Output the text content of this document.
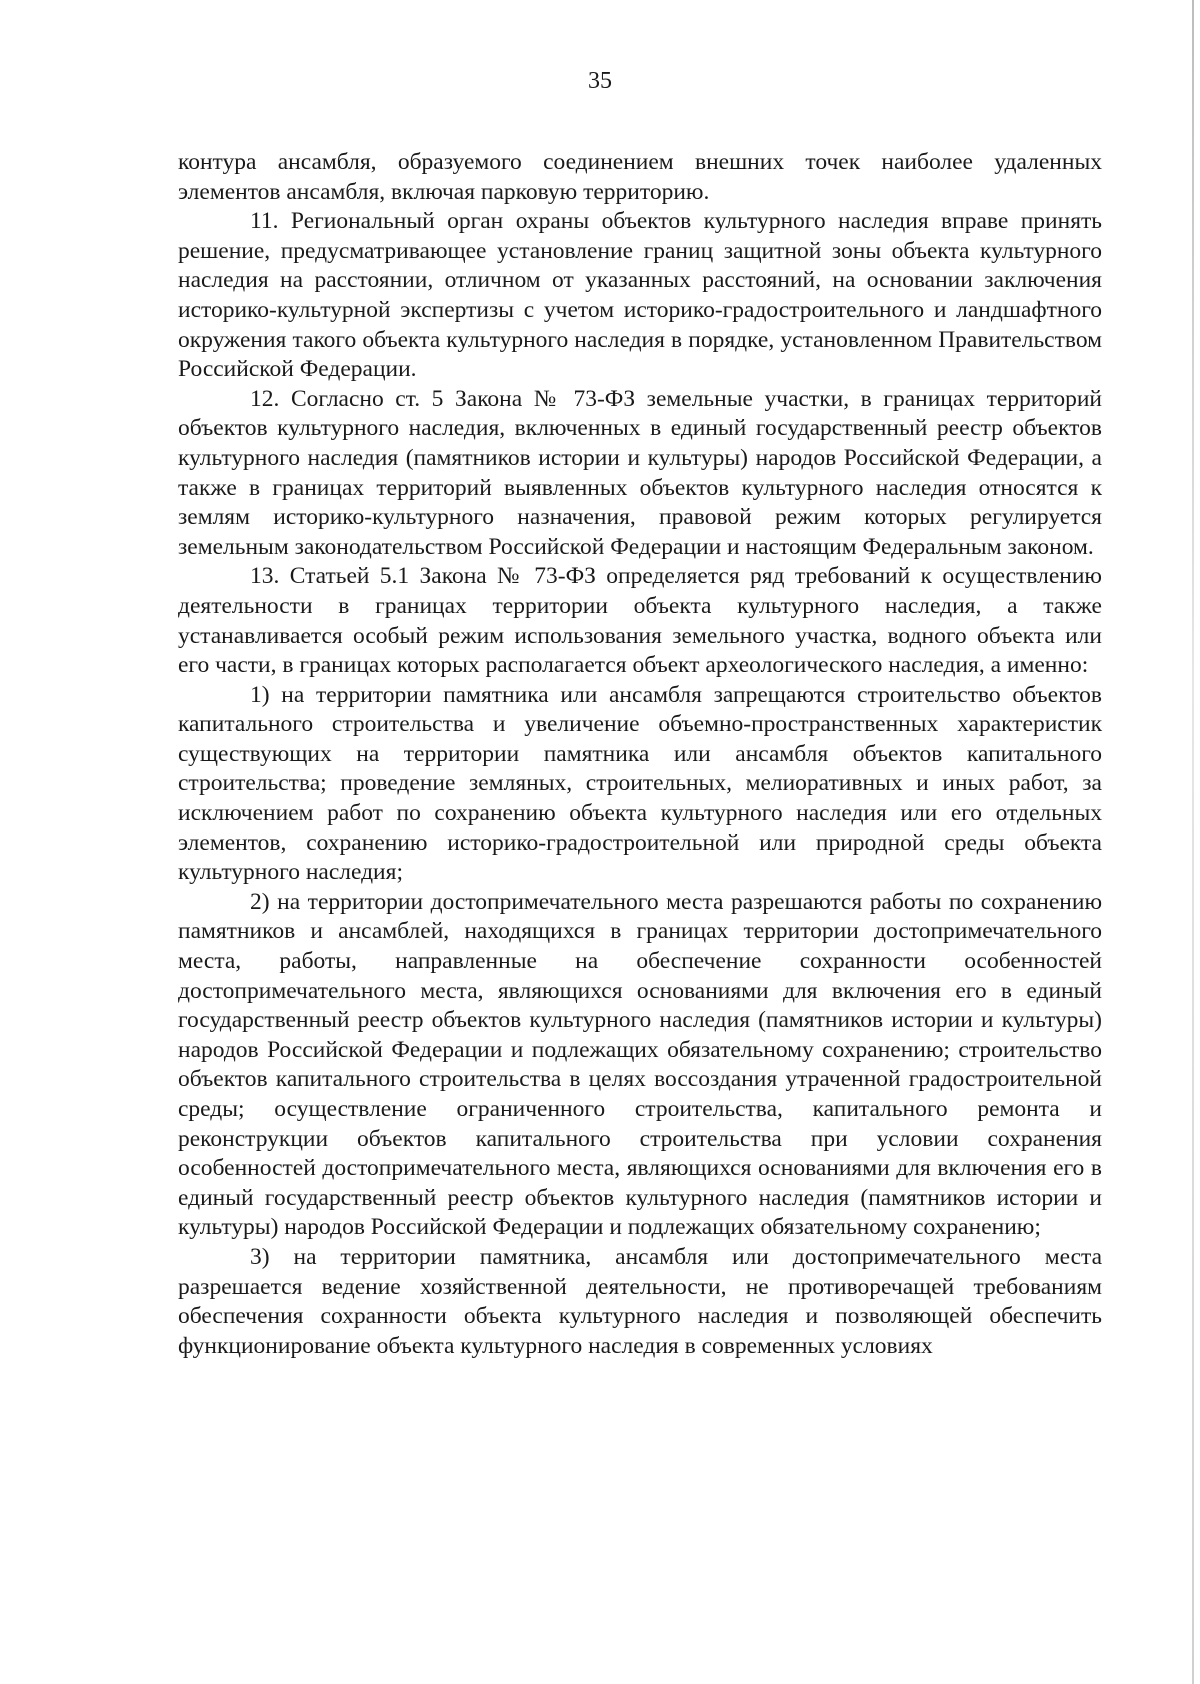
35

контура ансамбля, образуемого соединением внешних точек наиболее удаленных элементов ансамбля, включая парковую территорию.

11. Региональный орган охраны объектов культурного наследия вправе принять решение, предусматривающее установление границ защитной зоны объекта культурного наследия на расстоянии, отличном от указанных расстояний, на основании заключения историко-культурной экспертизы с учетом историко-градостроительного и ландшафтного окружения такого объекта культурного наследия в порядке, установленном Правительством Российской Федерации.

12. Согласно ст. 5 Закона № 73-ФЗ земельные участки, в границах территорий объектов культурного наследия, включенных в единый государственный реестр объектов культурного наследия (памятников истории и культуры) народов Российской Федерации, а также в границах территорий выявленных объектов культурного наследия относятся к землям историко-культурного назначения, правовой режим которых регулируется земельным законодательством Российской Федерации и настоящим Федеральным законом.

13. Статьей 5.1 Закона № 73-ФЗ определяется ряд требований к осуществлению деятельности в границах территории объекта культурного наследия, а также устанавливается особый режим использования земельного участка, водного объекта или его части, в границах которых располагается объект археологического наследия, а именно:

1) на территории памятника или ансамбля запрещаются строительство объектов капитального строительства и увеличение объемно-пространственных характеристик существующих на территории памятника или ансамбля объектов капитального строительства; проведение земляных, строительных, мелиоративных и иных работ, за исключением работ по сохранению объекта культурного наследия или его отдельных элементов, сохранению историко-градостроительной или природной среды объекта культурного наследия;

2) на территории достопримечательного места разрешаются работы по сохранению памятников и ансамблей, находящихся в границах территории достопримечательного места, работы, направленные на обеспечение сохранности особенностей достопримечательного места, являющихся основаниями для включения его в единый государственный реестр объектов культурного наследия (памятников истории и культуры) народов Российской Федерации и подлежащих обязательному сохранению; строительство объектов капитального строительства в целях воссоздания утраченной градостроительной среды; осуществление ограниченного строительства, капитального ремонта и реконструкции объектов капитального строительства при условии сохранения особенностей достопримечательного места, являющихся основаниями для включения его в единый государственный реестр объектов культурного наследия (памятников истории и культуры) народов Российской Федерации и подлежащих обязательному сохранению;

3) на территории памятника, ансамбля или достопримечательного места разрешается ведение хозяйственной деятельности, не противоречащей требованиям обеспечения сохранности объекта культурного наследия и позволяющей обеспечить функционирование объекта культурного наследия в современных условиях
